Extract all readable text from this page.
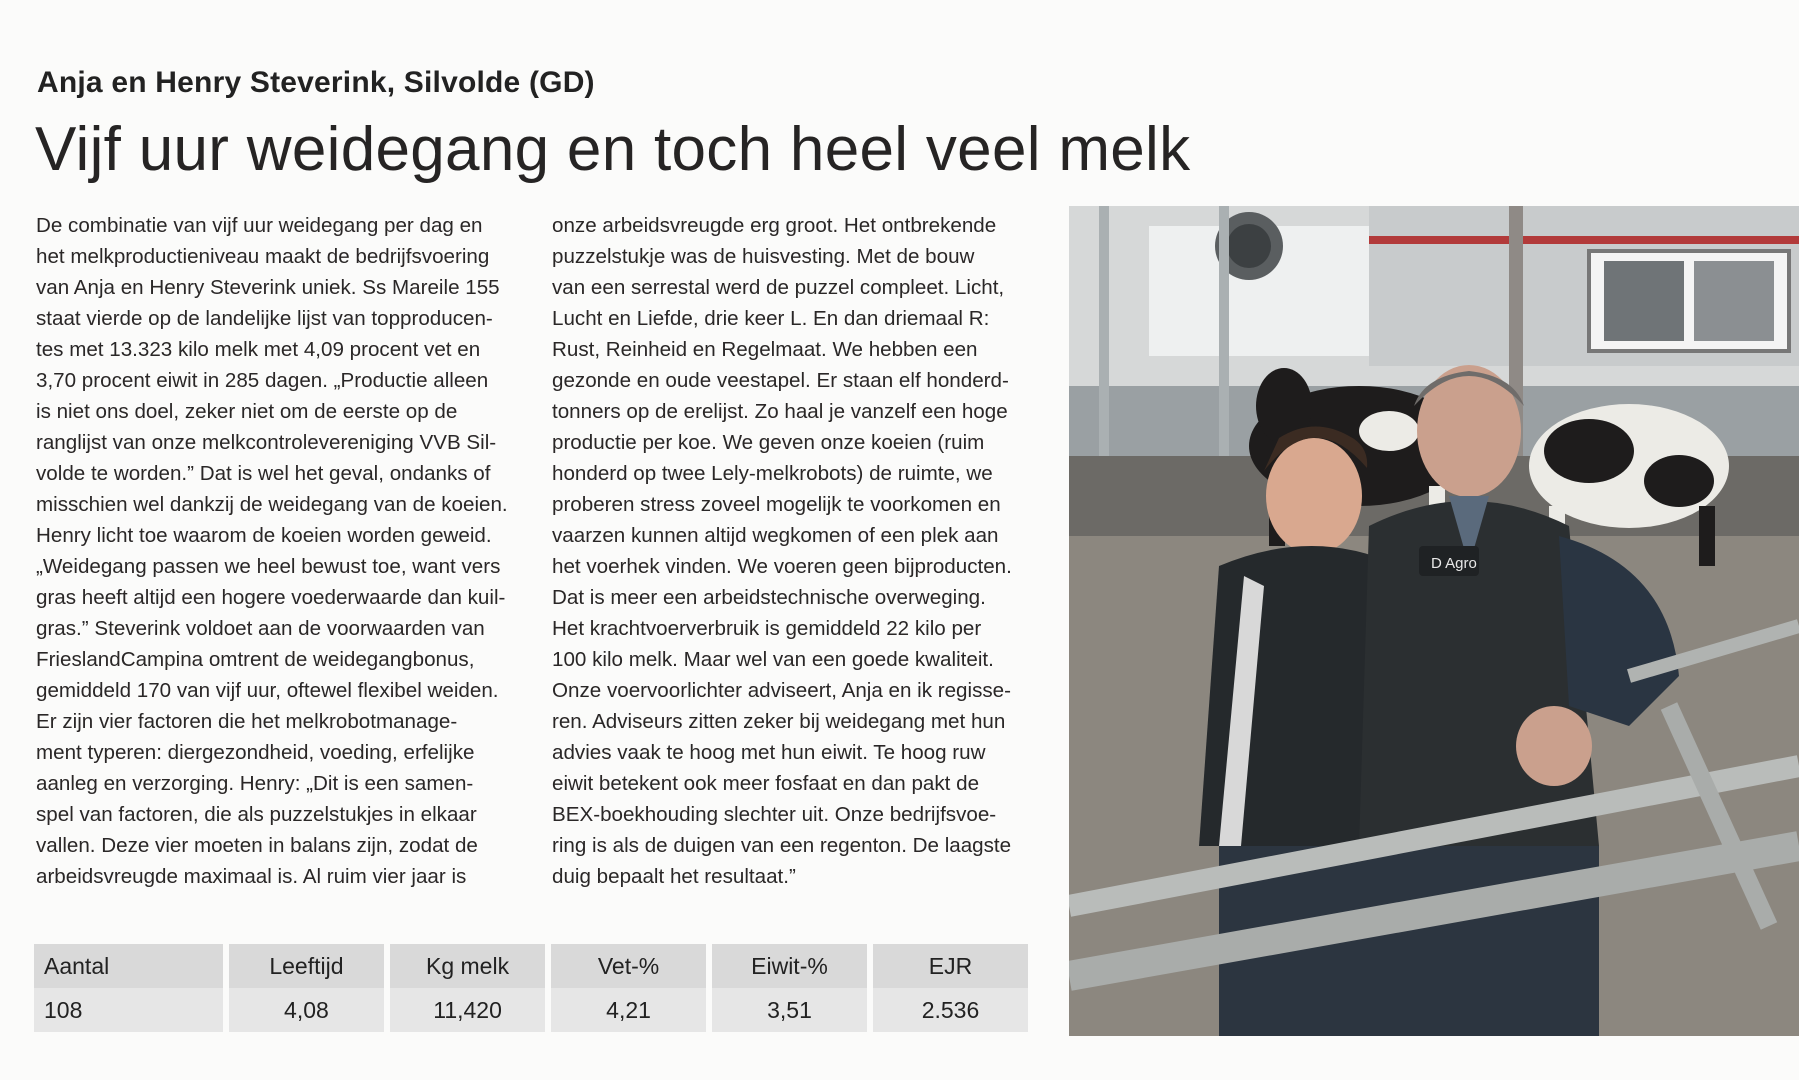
Anja en Henry Steverink, Silvolde (GD)
Vijf uur weidegang en toch heel veel melk
De combinatie van vijf uur weidegang per dag en
het melkproductieniveau maakt de bedrijfsvoering
van Anja en Henry Steverink uniek. Ss Mareile 155
staat vierde op de landelijke lijst van topproducen-
tes met 13.323 kilo melk met 4,09 procent vet en
3,70 procent eiwit in 285 dagen. „Productie alleen
is niet ons doel, zeker niet om de eerste op de
ranglijst van onze melkcontrolevereniging VVB Sil-
volde te worden.” Dat is wel het geval, ondanks of
misschien wel dankzij de weidegang van de koeien.
Henry licht toe waarom de koeien worden geweid.
„Weidegang passen we heel bewust toe, want vers
gras heeft altijd een hogere voederwaarde dan kuil-
gras.” Steverink voldoet aan de voorwaarden van
FrieslandCampina omtrent de weidegangbonus,
gemiddeld 170 van vijf uur, oftewel flexibel weiden.
Er zijn vier factoren die het melkrobotmanage-
ment typeren: diergezondheid, voeding, erfelijke
aanleg en verzorging. Henry: „Dit is een samen-
spel van factoren, die als puzzelstukjes in elkaar
vallen. Deze vier moeten in balans zijn, zodat de
arbeidsvreugde maximaal is. Al ruim vier jaar is
onze arbeidsvreugde erg groot. Het ontbrekende
puzzelstukje was de huisvesting. Met de bouw
van een serrestal werd de puzzel compleet. Licht,
Lucht en Liefde, drie keer L. En dan driemaal R:
Rust, Reinheid en Regelmaat. We hebben een
gezonde en oude veestapel. Er staan elf honderd-
tonners op de erelijst. Zo haal je vanzelf een hoge
productie per koe. We geven onze koeien (ruim
honderd op twee Lely-melkrobots) de ruimte, we
proberen stress zoveel mogelijk te voorkomen en
vaarzen kunnen altijd wegkomen of een plek aan
het voerhek vinden. We voeren geen bijproducten.
Dat is meer een arbeidstechnische overweging.
Het krachtvoerverbruik is gemiddeld 22 kilo per
100 kilo melk. Maar wel van een goede kwaliteit.
Onze voervoorlichter adviseert, Anja en ik regisse-
ren. Adviseurs zitten zeker bij weidegang met hun
advies vaak te hoog met hun eiwit. Te hoog ruw
eiwit betekent ook meer fosfaat en dan pakt de
BEX-boekhouding slechter uit. Onze bedrijfsvoe-
ring is als de duigen van een regenton. De laagste
duig bepaalt het resultaat.”
Aantal	Leeftijd	Kg melk	Vet-%	Eiwit-%	EJR
108	4,08	11,420	4,21	3,51	2.536
D Agro
